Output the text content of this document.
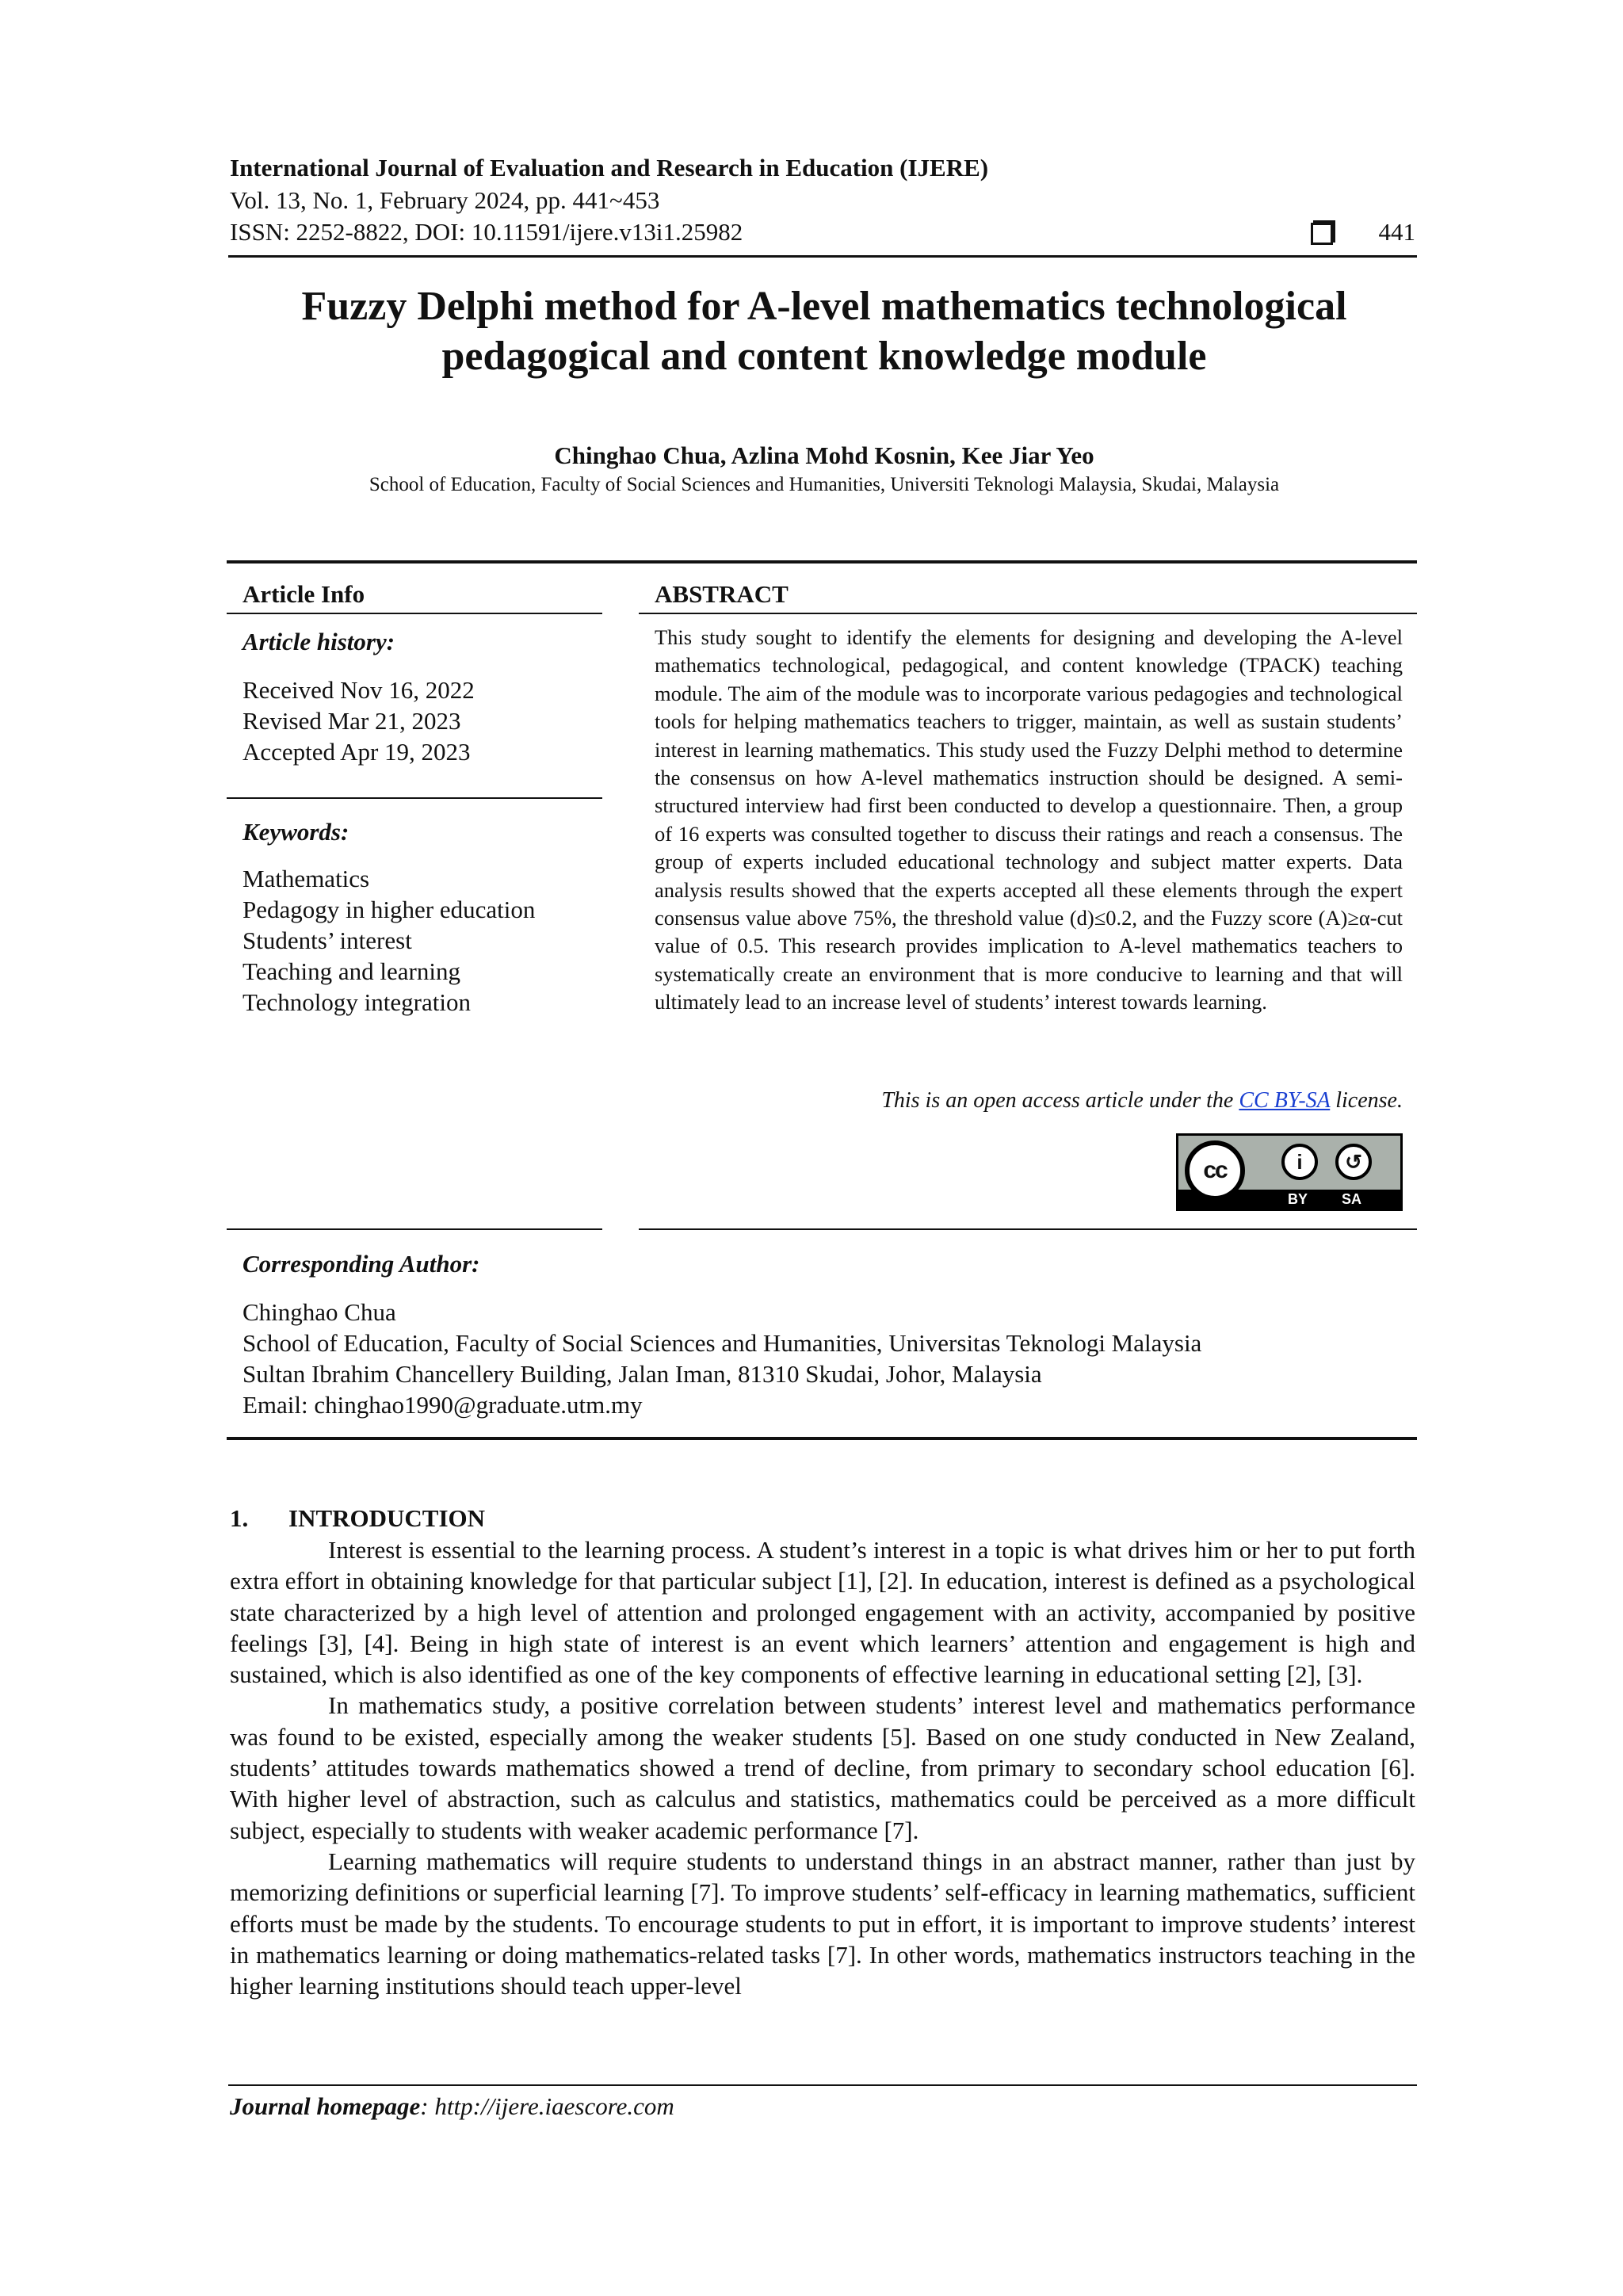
International Journal of Evaluation and Research in Education (IJERE)
Vol. 13, No. 1, February 2024, pp. 441~453
ISSN: 2252-8822, DOI: 10.11591/ijere.v13i1.25982	441
Fuzzy Delphi method for A-level mathematics technological
pedagogical and content knowledge module
Chinghao Chua, Azlina Mohd Kosnin, Kee Jiar Yeo
School of Education, Faculty of Social Sciences and Humanities, Universiti Teknologi Malaysia, Skudai, Malaysia
Article Info
Article history:
Received Nov 16, 2022
Revised Mar 21, 2023
Accepted Apr 19, 2023
Keywords:
Mathematics
Pedagogy in higher education
Students’ interest
Teaching and learning
Technology integration
ABSTRACT
This study sought to identify the elements for designing and developing the A-level mathematics technological, pedagogical, and content knowledge (TPACK) teaching module. The aim of the module was to incorporate various pedagogies and technological tools for helping mathematics teachers to trigger, maintain, as well as sustain students’ interest in learning mathematics. This study used the Fuzzy Delphi method to determine the consensus on how A-level mathematics instruction should be designed. A semi-structured interview had first been conducted to develop a questionnaire. Then, a group of 16 experts was consulted together to discuss their ratings and reach a consensus. The group of experts included educational technology and subject matter experts. Data analysis results showed that the experts accepted all these elements through the expert consensus value above 75%, the threshold value (d)≤0.2, and the Fuzzy score (A)≥α-cut value of 0.5. This research provides implication to A-level mathematics teachers to systematically create an environment that is more conducive to learning and that will ultimately lead to an increase level of students’ interest towards learning.
This is an open access article under the CC BY-SA license.
cc	i	↺
BY SA
Corresponding Author:
Chinghao Chua
School of Education, Faculty of Social Sciences and Humanities, Universitas Teknologi Malaysia
Sultan Ibrahim Chancellery Building, Jalan Iman, 81310 Skudai, Johor, Malaysia
Email: chinghao1990@graduate.utm.my
1. INTRODUCTION

Interest is essential to the learning process. A student’s interest in a topic is what drives him or her to put forth extra effort in obtaining knowledge for that particular subject [1], [2]. In education, interest is defined as a psychological state characterized by a high level of attention and prolonged engagement with an activity, accompanied by positive feelings [3], [4]. Being in high state of interest is an event which learners’ attention and engagement is high and sustained, which is also identified as one of the key components of effective learning in educational setting [2], [3].

In mathematics study, a positive correlation between students’ interest level and mathematics performance was found to be existed, especially among the weaker students [5]. Based on one study conducted in New Zealand, students’ attitudes towards mathematics showed a trend of decline, from primary to secondary school education [6]. With higher level of abstraction, such as calculus and statistics, mathematics could be perceived as a more difficult subject, especially to students with weaker academic performance [7].

Learning mathematics will require students to understand things in an abstract manner, rather than just by memorizing definitions or superficial learning [7]. To improve students’ self-efficacy in learning mathematics, sufficient efforts must be made by the students. To encourage students to put in effort, it is important to improve students’ interest in mathematics learning or doing mathematics-related tasks [7]. In other words, mathematics instructors teaching in the higher learning institutions should teach upper-level

Journal homepage: http://ijere.iaescore.com
